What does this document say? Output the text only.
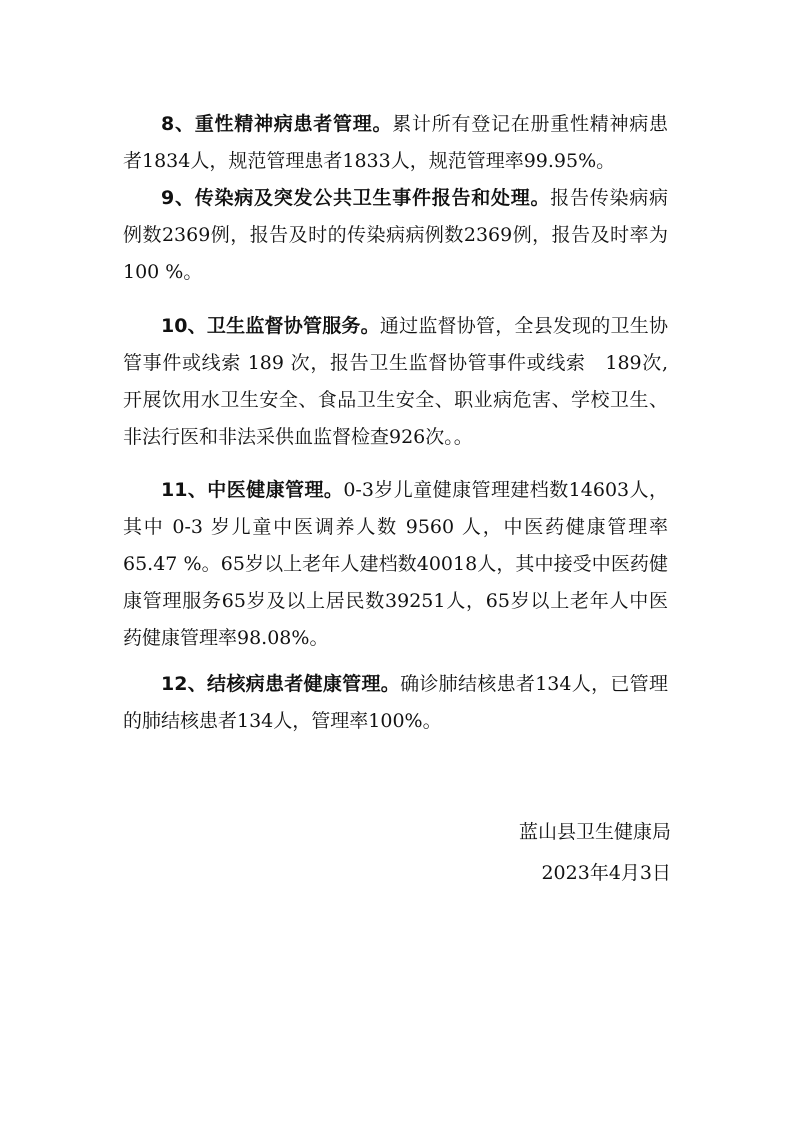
8、重性精神病患者管理。累计所有登记在册重性精神病患者1834人，规范管理患者1833人，规范管理率99.95%。

9、传染病及突发公共卫生事件报告和处理。报告传染病病例数2369例，报告及时的传染病病例数2369例，报告及时率为100 %。

10、卫生监督协管服务。通过监督协管，全县发现的卫生协管事件或线索 189 次，报告卫生监督协管事件或线索　189次,开展饮用水卫生安全、食品卫生安全、职业病危害、学校卫生、非法行医和非法采供血监督检查926次。。

11、中医健康管理。0-3岁儿童健康管理建档数14603人，其中 0-3 岁儿童中医调养人数 9560 人，中医药健康管理率65.47 %。65岁以上老年人建档数40018人，其中接受中医药健康管理服务65岁及以上居民数39251人，65岁以上老年人中医药健康管理率98.08%。

12、结核病患者健康管理。确诊肺结核患者134人，已管理的肺结核患者134人，管理率100%。

蓝山县卫生健康局

2023年4月3日
